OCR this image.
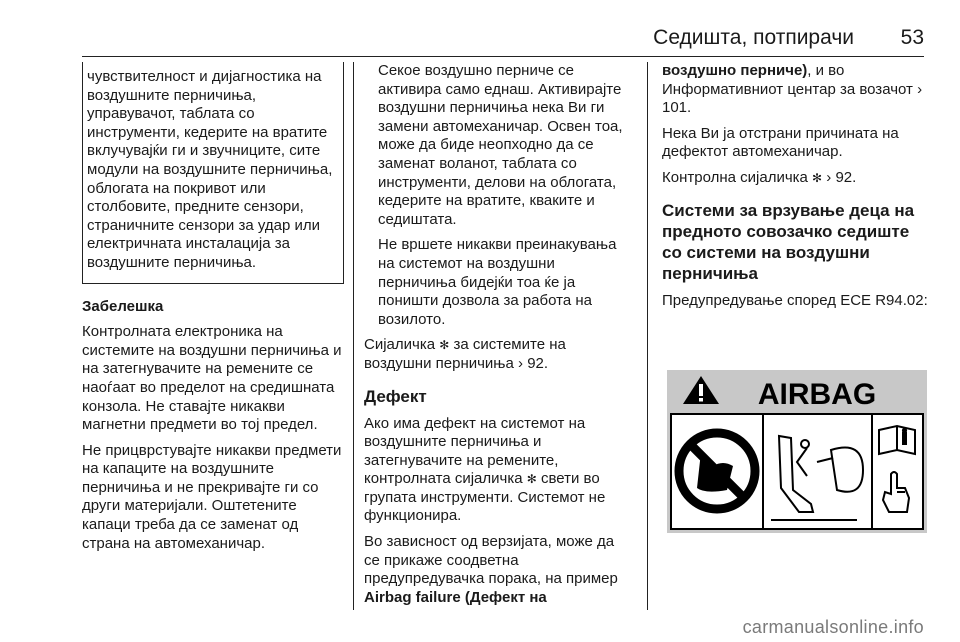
Седишта, потпирачи 53

чувствителност и дијагностика на воздушните перничиња, управувачот, таблата со инструменти, кедерите на вратите вклучувајќи ги и звучниците, сите модули на воздушните перничиња, облогата на покривот или столбовите, предните сензори, страничните сензори за удар или електричната инсталација за воздушните перничиња.

Забелешка

Контролната електроника на системите на воздушни перничиња и на затегнувачите на ремените се наоѓаат во пределот на средишната конзола. Не ставајте никакви магнетни предмети во тој предел.

Не прицврстувајте никакви предмети на капаците на воздушните перничиња и не прекривајте ги со други материјали. Оштетените капаци треба да се заменат од страна на автомеханичар.

Секое воздушно перниче се активира само еднаш. Активирајте воздушни перничиња нека Ви ги замени автомеханичар. Освен тоа, може да биде неопходно да се заменат воланот, таблата со инструменти, делови на облогата, кедерите на вратите, кваките и седиштата.

Не вршете никакви преинакувања на системот на воздушни перничиња бидејќи тоа ќе ја поништи дозвола за работа на возилото.

Сијаличка ✻ за системите на воздушни перничиња › 92.

Дефект

Ако има дефект на системот на воздушните перничиња и затегнувачите на ремените, контролната сијаличка ✻ свети во групата инструменти. Системот не функционира.

Во зависност од верзијата, може да се прикаже соодветна предупредувачка порака, на пример Airbag failure (Дефект на

воздушно перниче), и во Информативниот центар за возачот › 101.

Нека Ви ја отстрани причината на дефектот автомеханичар.

Контролна сијаличка ✻ › 92.

Системи за врзување деца на предното совозачко седиште со системи на воздушни перничиња

Предупредување според ECE R94.02:

AIRBAG
carmanualsonline.info
